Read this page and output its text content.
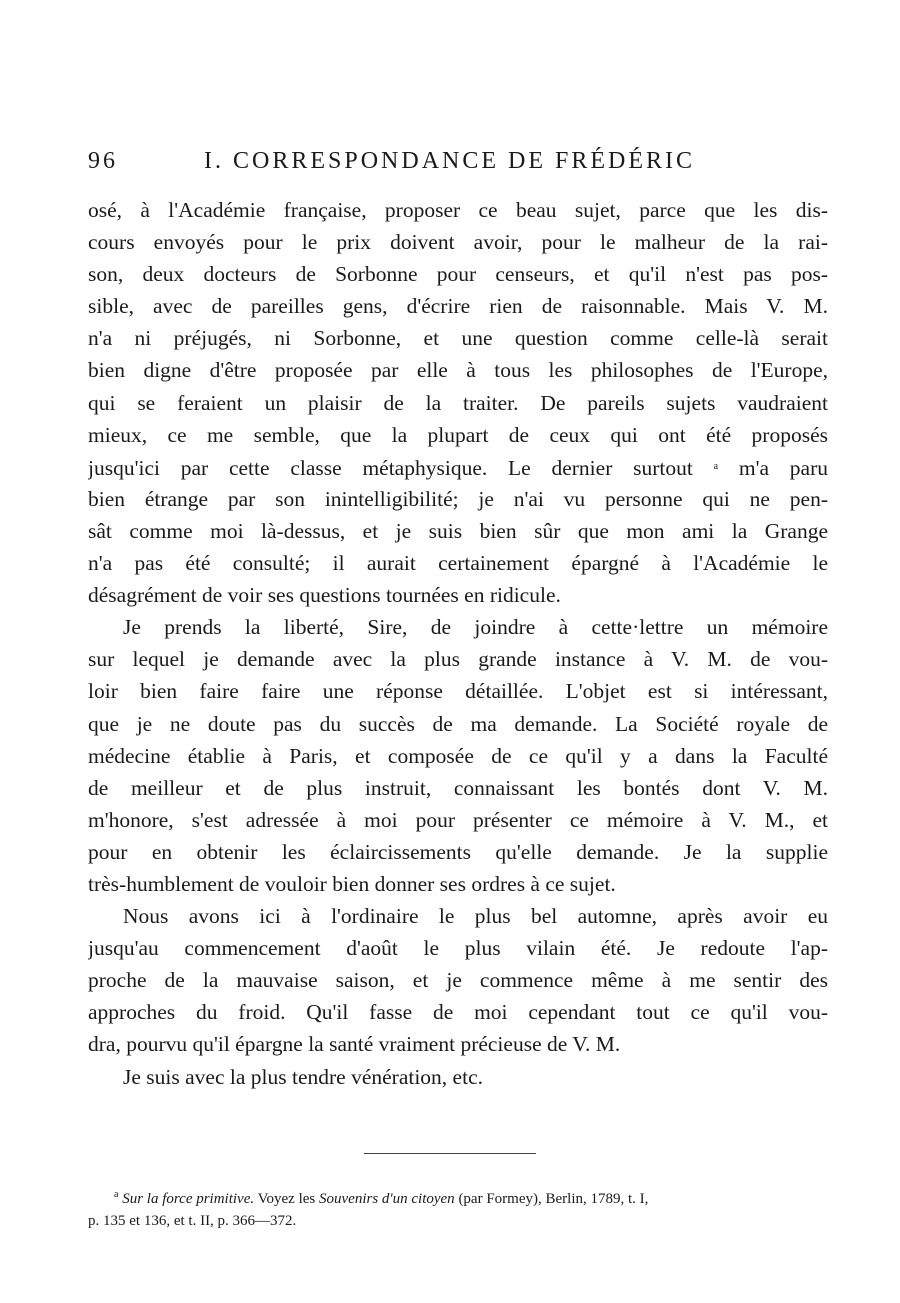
96	I. CORRESPONDANCE DE FRÉDÉRIC
osé, à l'Académie française, proposer ce beau sujet, parce que les dis-
cours envoyés pour le prix doivent avoir, pour le malheur de la rai-
son, deux docteurs de Sorbonne pour censeurs, et qu'il n'est pas pos-
sible, avec de pareilles gens, d'écrire rien de raisonnable. Mais V. M.
n'a ni préjugés, ni Sorbonne, et une question comme celle-là serait
bien digne d'être proposée par elle à tous les philosophes de l'Europe,
qui se feraient un plaisir de la traiter. De pareils sujets vaudraient
mieux, ce me semble, que la plupart de ceux qui ont été proposés
jusqu'ici par cette classe métaphysique. Le dernier surtout $^a$ m'a paru
bien étrange par son inintelligibilité; je n'ai vu personne qui ne pen-
sât comme moi là-dessus, et je suis bien sûr que mon ami la Grange
n'a pas été consulté; il aurait certainement épargné à l'Académie le
désagrément de voir ses questions tournées en ridicule.
Je prends la liberté, Sire, de joindre à cette·lettre un mémoire
sur lequel je demande avec la plus grande instance à V. M. de vou-
loir bien faire faire une réponse détaillée. L'objet est si intéressant,
que je ne doute pas du succès de ma demande. La Société royale de
médecine établie à Paris, et composée de ce qu'il y a dans la Faculté
de meilleur et de plus instruit, connaissant les bontés dont V. M.
m'honore, s'est adressée à moi pour présenter ce mémoire à V. M., et
pour en obtenir les éclaircissements qu'elle demande. Je la supplie
très-humblement de vouloir bien donner ses ordres à ce sujet.
Nous avons ici à l'ordinaire le plus bel automne, après avoir eu
jusqu'au commencement d'août le plus vilain été. Je redoute l'ap-
proche de la mauvaise saison, et je commence même à me sentir des
approches du froid. Qu'il fasse de moi cependant tout ce qu'il vou-
dra, pourvu qu'il épargne la santé vraiment précieuse de V. M.
Je suis avec la plus tendre vénération, etc.
$^a$ Sur la force primitive. Voyez les Souvenirs d'un citoyen (par Formey), Berlin, 1789, t. I,
p. 135 et 136, et t. II, p. 366—372.
